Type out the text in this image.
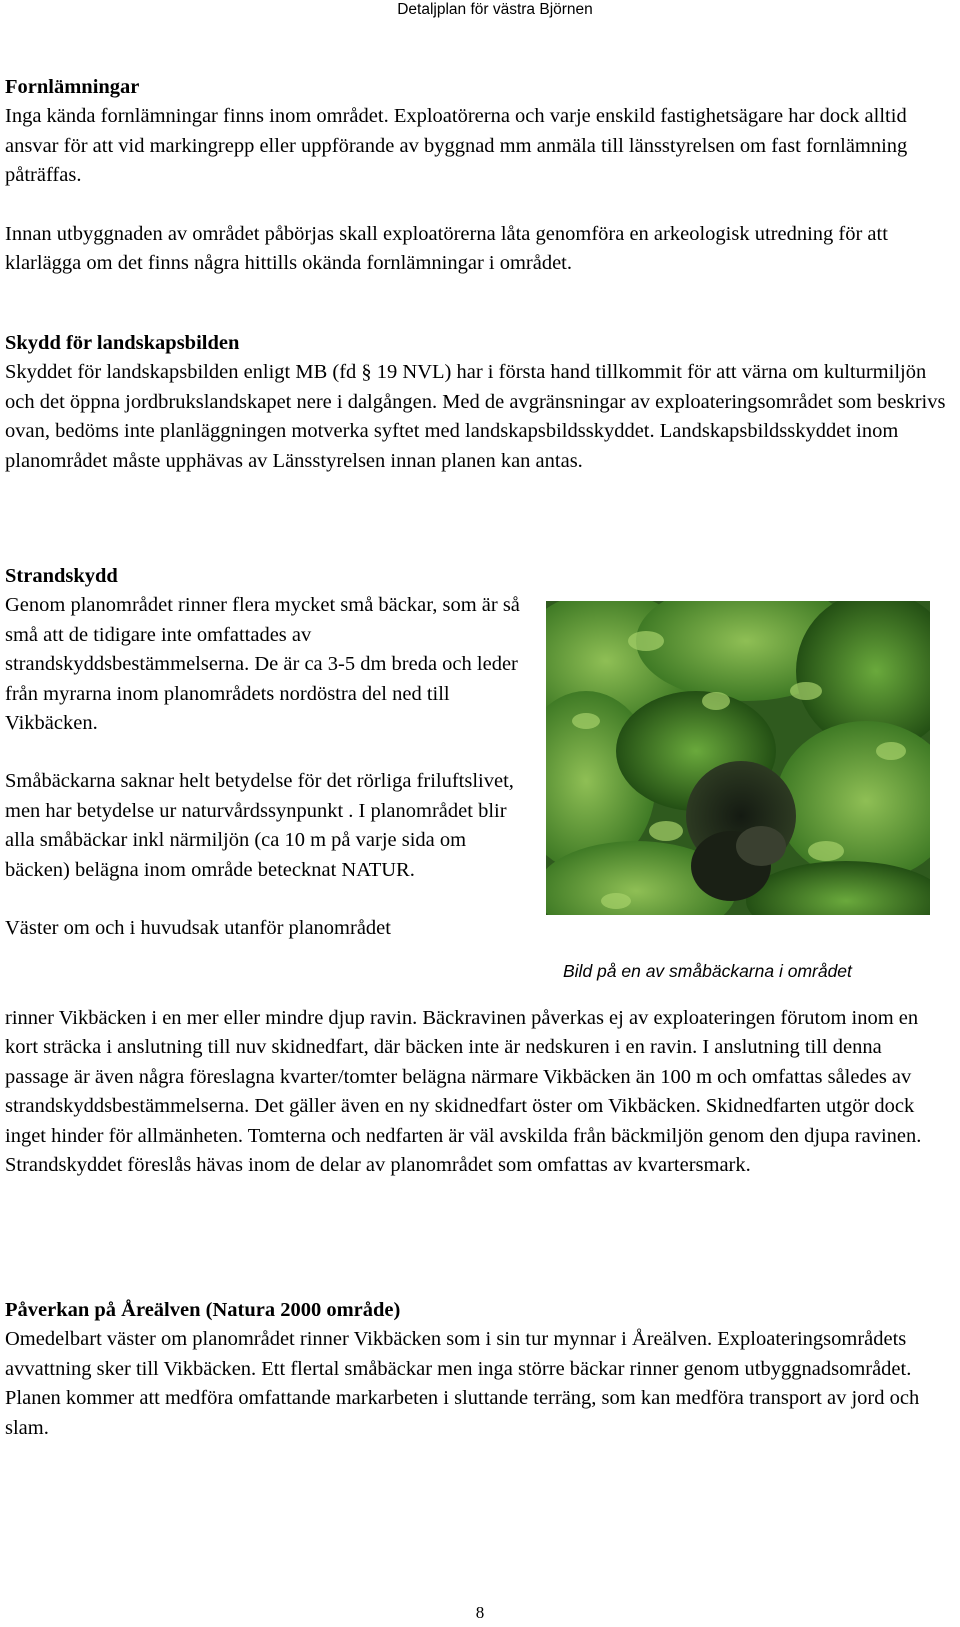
Detaljplan för västra Björnen
Fornlämningar

Inga kända fornlämningar finns inom området. Exploatörerna och varje enskild fastighetsägare har dock alltid ansvar för att vid markingrepp eller uppförande av byggnad mm anmäla till länsstyrelsen om fast fornlämning påträffas.

Innan utbyggnaden av området påbörjas skall exploatörerna låta genomföra en arkeologisk utredning för att klarlägga om det finns några hittills okända fornlämningar i området.

Skydd för landskapsbilden

Skyddet för landskapsbilden enligt MB (fd § 19 NVL) har i första hand tillkommit för att värna om kulturmiljön och det öppna jordbrukslandskapet nere i dalgången. Med de avgränsningar av exploateringsområdet som beskrivs ovan, bedöms inte planläggningen motverka syftet med landskapsbildsskyddet. Landskapsbildsskyddet inom planområdet måste upphävas av Länsstyrelsen innan planen kan antas.

Strandskydd

Genom planområdet rinner flera mycket små bäckar, som är så små att de tidigare inte omfattades av strandskyddsbestämmelserna. De är ca 3-5 dm breda och leder från myrarna inom planområdets nordöstra del ned till Vikbäcken.

Småbäckarna saknar helt betydelse för det rörliga friluftslivet, men har betydelse ur naturvårdssynpunkt . I planområdet blir alla småbäckar inkl närmiljön (ca 10 m på varje sida om bäcken) belägna inom område betecknat NATUR.

Väster om och i huvudsak utanför planområdet

Bild på en av småbäckarna i området

rinner Vikbäcken i en mer eller mindre djup ravin. Bäckravinen påverkas ej av exploateringen förutom inom en kort sträcka i anslutning till nuv skidnedfart, där bäcken inte är nedskuren i en ravin. I anslutning till denna passage är även några föreslagna kvarter/tomter belägna närmare Vikbäcken än 100 m och omfattas således av strandskyddsbestämmelserna. Det gäller även en ny skidnedfart öster om Vikbäcken. Skidnedfarten utgör dock inget hinder för allmänheten. Tomterna och nedfarten är väl avskilda från bäckmiljön genom den djupa ravinen. Strandskyddet föreslås hävas inom de delar av planområdet som omfattas av kvartersmark.

Påverkan på Åreälven (Natura 2000 område)

Omedelbart väster om planområdet rinner Vikbäcken som i sin tur mynnar i Åreälven. Exploateringsområdets avvattning sker till Vikbäcken. Ett flertal småbäckar men inga större bäckar rinner genom utbyggnadsområdet. Planen kommer att medföra omfattande markarbeten i sluttande terräng, som kan medföra transport av jord och slam.

8
